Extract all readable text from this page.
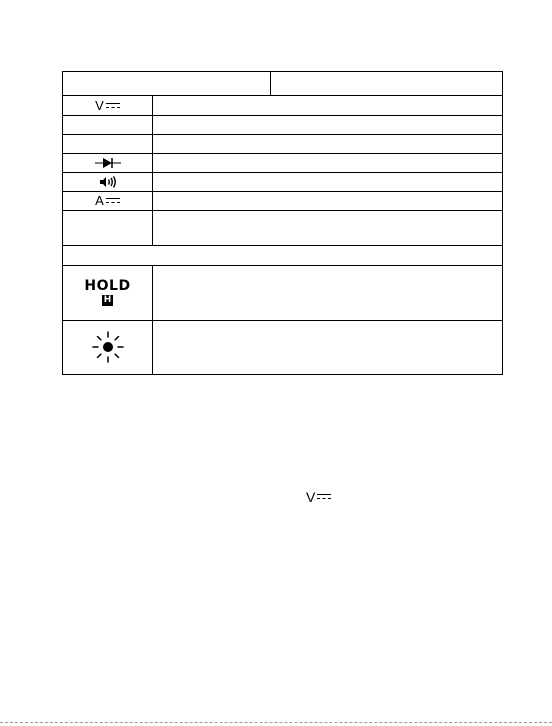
V
A
HOLD
H
V
